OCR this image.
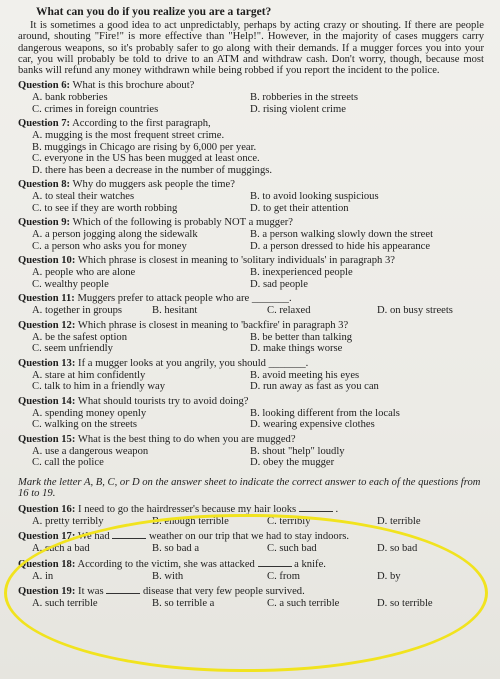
What can you do if you realize you are a target?
It is sometimes a good idea to act unpredictably, perhaps by acting crazy or shouting. If there are people around, shouting "Fire!" is more effective than "Help!". However, in the majority of cases muggers carry dangerous weapons, so it's probably safer to go along with their demands. If a mugger forces you into your car, you will probably be told to drive to an ATM and withdraw cash. Don't worry, though, because most banks will refund any money withdrawn while being robbed if you report the incident to the police.
Question 6: What is this brochure about?
A. bank robberies	B. robberies in the streets
C. crimes in foreign countries	D. rising violent crime
Question 7: According to the first paragraph,
A. mugging is the most frequent street crime.
B. muggings in Chicago are rising by 6,000 per year.
C. everyone in the US has been mugged at least once.
D. there has been a decrease in the number of muggings.
Question 8: Why do muggers ask people the time?
A. to steal their watches	B. to avoid looking suspicious
C. to see if they are worth robbing	D. to get their attention
Question 9: Which of the following is probably NOT a mugger?
A. a person jogging along the sidewalk	B. a person walking slowly down the street
C. a person who asks you for money	D. a person dressed to hide his appearance
Question 10: Which phrase is closest in meaning to 'solitary individuals' in paragraph 3?
A. people who are alone	B. inexperienced people
C. wealthy people	D. sad people
Question 11: Muggers prefer to attack people who are _______.
A. together in groups	B. hesitant	C. relaxed	D. on busy streets
Question 12: Which phrase is closest in meaning to 'backfire' in paragraph 3?
A. be the safest option	B. be better than talking
C. seem unfriendly	D. make things worse
Question 13: If a mugger looks at you angrily, you should _______.
A. stare at him confidently	B. avoid meeting his eyes
C. talk to him in a friendly way	D. run away as fast as you can
Question 14: What should tourists try to avoid doing?
A. spending money openly	B. looking different from the locals
C. walking on the streets	D. wearing expensive clothes
Question 15: What is the best thing to do when you are mugged?
A. use a dangerous weapon	B. shout "help" loudly
C. call the police	D. obey the mugger
Mark the letter A, B, C, or D on the answer sheet to indicate the correct answer to each of the questions from 16 to 19.
Question 16: I need to go the hairdresser's because my hair looks	.
A. pretty terribly	B. enough terrible	C. terribly	D. terrible
Question 17: We had	weather on our trip that we had to stay indoors.
A. such a bad	B. so bad a	C. such bad	D. so bad
Question 18: According to the victim, she was attacked	a knife.
A. in	B. with	C. from	D. by
Question 19: It was	disease that very few people survived.
A. such terrible	B. so terrible a	C. a such terrible	D. so terrible
